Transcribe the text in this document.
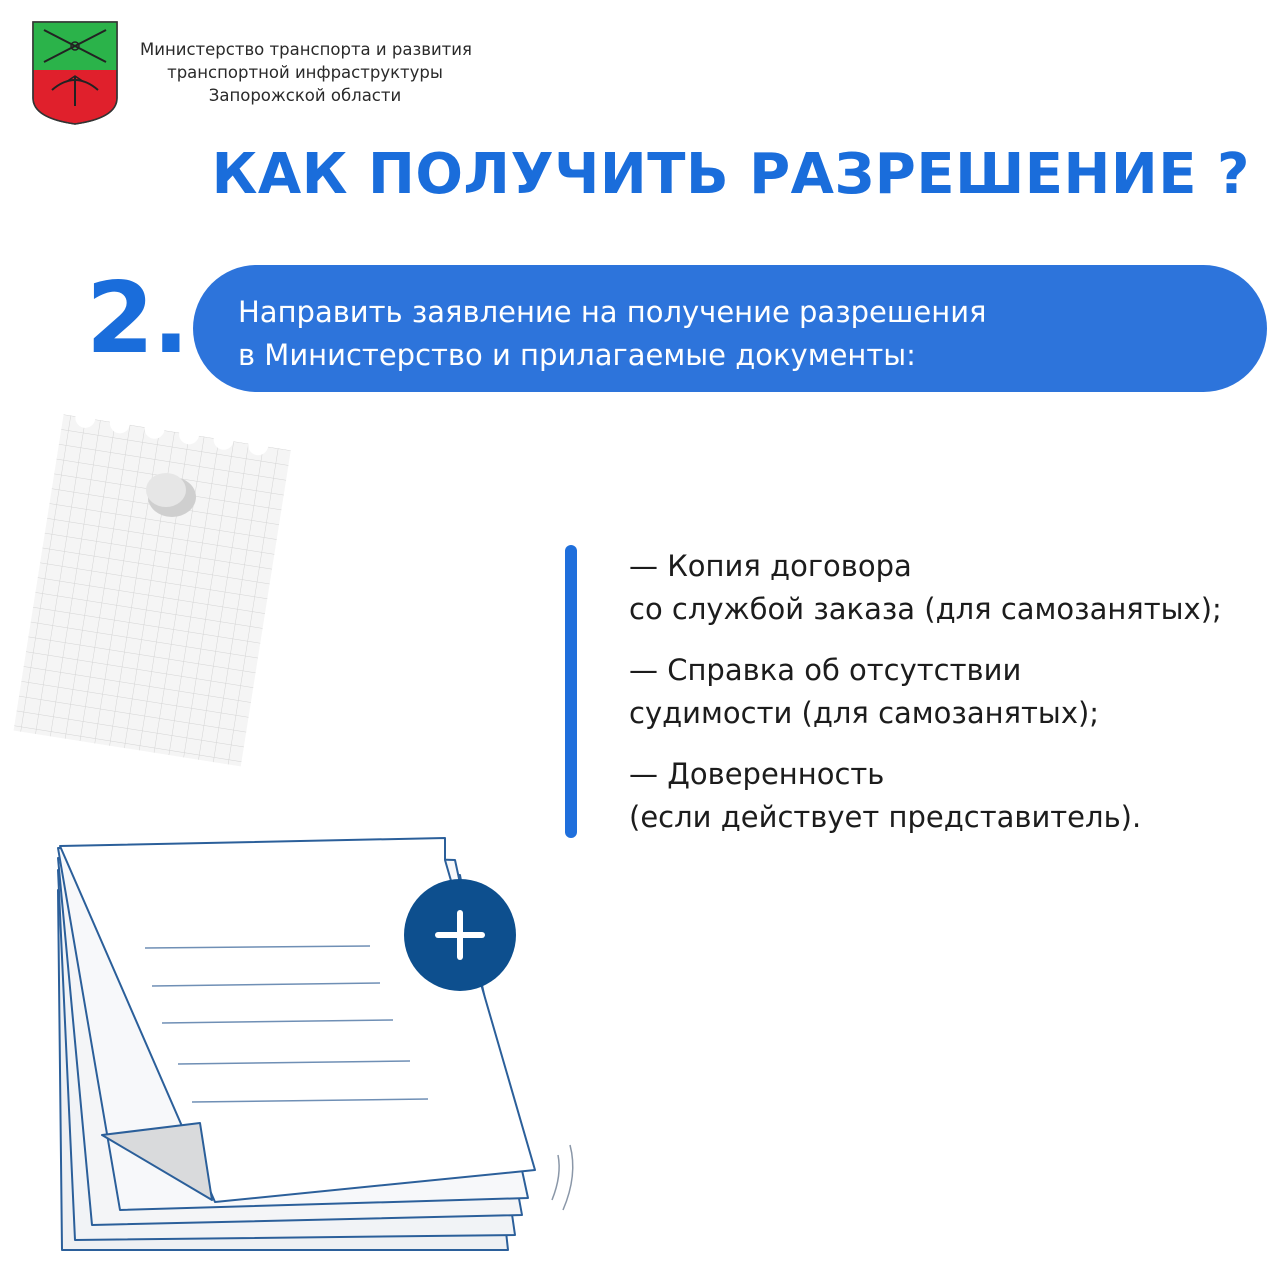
Министерство транспорта и развития
транспортной инфраструктуры
Запорожской области
КАК ПОЛУЧИТЬ РАЗРЕШЕНИЕ ?
2. Направить заявление на получение разрешения
в Министерство и прилагаемые документы:
— Копия договора
со службой заказа (для самозанятых);
— Справка об отсутствии
судимости (для самозанятых);
— Доверенность
(если действует представитель).
